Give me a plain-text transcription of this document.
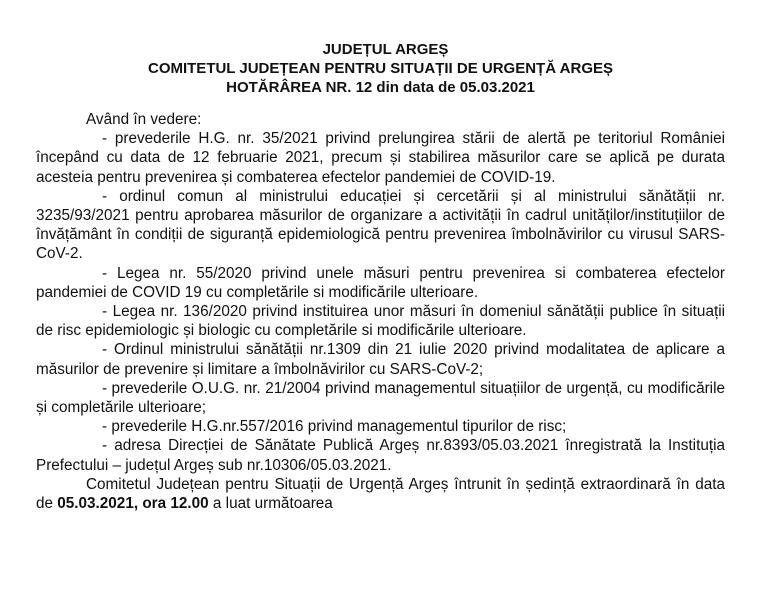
JUDEȚUL ARGEȘ
COMITETUL JUDEȚEAN PENTRU SITUAȚII DE URGENȚĂ ARGEȘ
HOTĂRÂREA NR. 12 din data de 05.03.2021

Având în vedere:

- prevederile H.G. nr. 35/2021 privind prelungirea stării de alertă pe teritoriul României începând cu data de 12 februarie 2021, precum și stabilirea măsurilor care se aplică pe durata acesteia pentru prevenirea și combaterea efectelor pandemiei de COVID-19.

- ordinul comun al ministrului educației și cercetării și al ministrului sănătății nr. 3235/93/2021 pentru aprobarea măsurilor de organizare a activității în cadrul unităților/instituțiilor de învățământ în condiții de siguranță epidemiologică pentru prevenirea îmbolnăvirilor cu virusul SARS-CoV-2.

- Legea nr. 55/2020 privind unele măsuri pentru prevenirea si combaterea efectelor pandemiei de COVID 19 cu completările si modificările ulterioare.

- Legea nr. 136/2020 privind instituirea unor măsuri în domeniul sănătății publice în situații de risc epidemiologic și biologic cu completările si modificările ulterioare.

- Ordinul ministrului sănătății nr.1309 din 21 iulie 2020 privind modalitatea de aplicare a măsurilor de prevenire și limitare a îmbolnăvirilor cu SARS-CoV-2;

- prevederile O.U.G. nr. 21/2004 privind managementul situațiilor de urgență, cu modificările și completările ulterioare;

- prevederile H.G.nr.557/2016 privind managementul tipurilor de risc;

- adresa Direcției de Sănătate Publică Argeș nr.8393/05.03.2021 înregistrată la Instituția Prefectului – județul Argeș sub nr.10306/05.03.2021.

Comitetul Județean pentru Situații de Urgență Argeș întrunit în ședință extraordinară în data de 05.03.2021, ora 12.00 a luat următoarea
